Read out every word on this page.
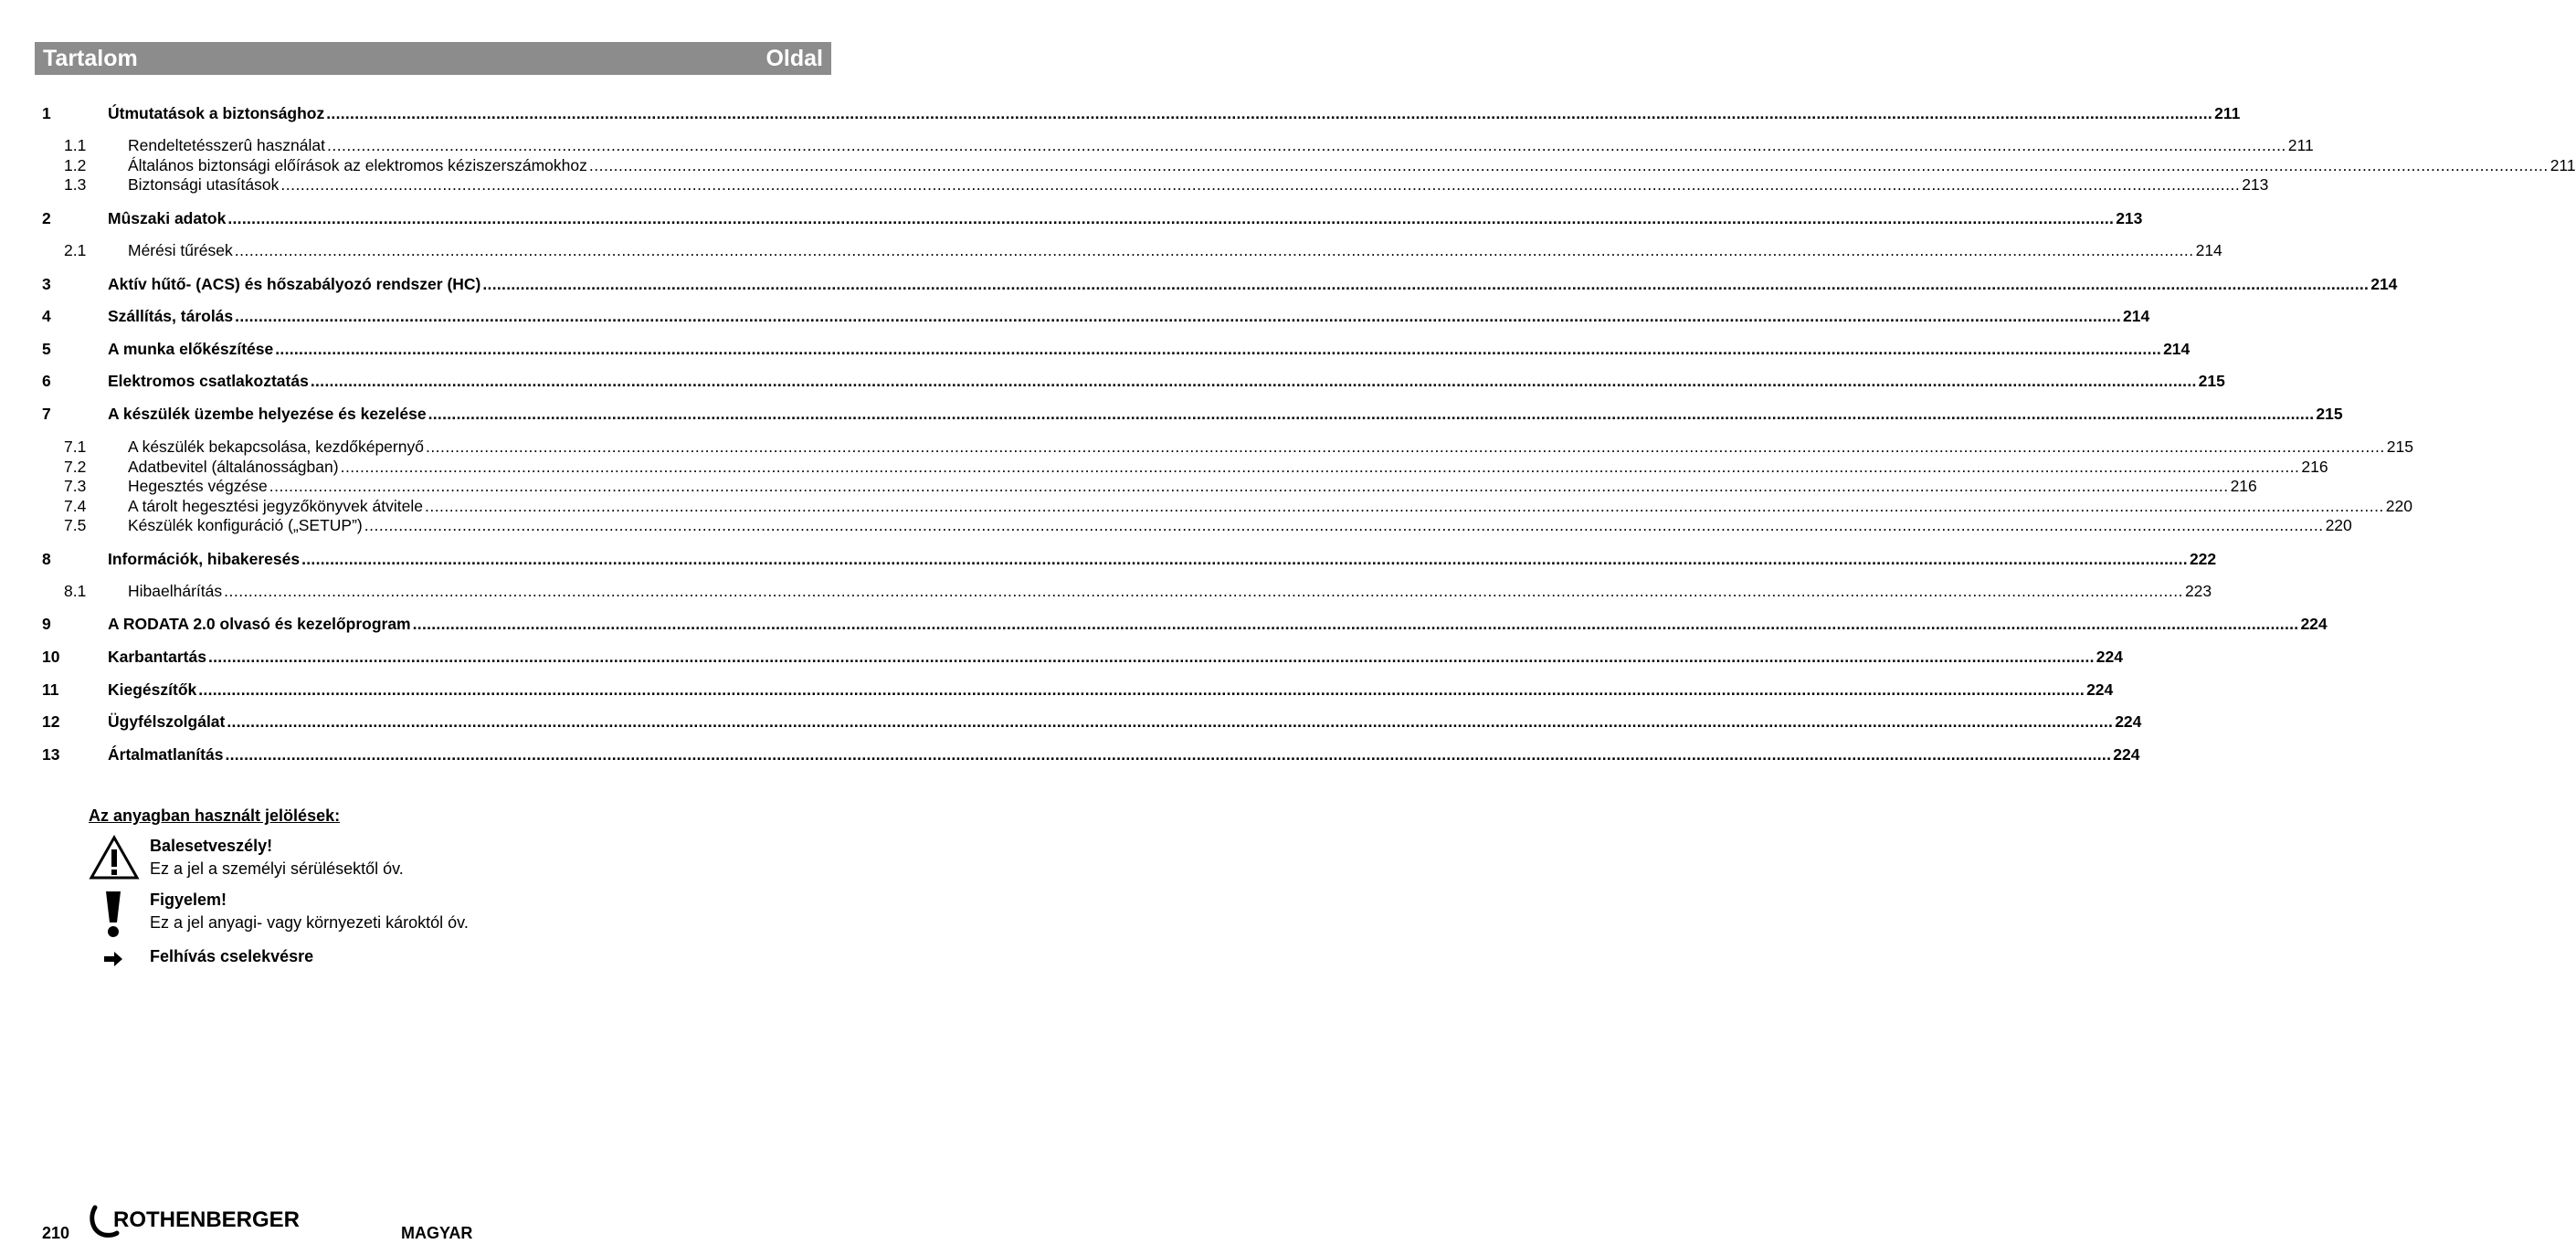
Tartalom	Oldal
1	Útmutatások a biztonsághoz ................................................................................................................................................................................................................................................................................................................................................................................................................ 211
1.1	Rendeltetésszerû használat ................................................................................................................................................................................................................................................................................................................................................................................................................ 211
1.2	Általános biztonsági előírások az elektromos kéziszerszámokhoz ................................................................................................................................................................................................................................................................................................................................................................................................................ 211
1.3	Biztonsági utasítások ................................................................................................................................................................................................................................................................................................................................................................................................................ 213
2	Mûszaki adatok ................................................................................................................................................................................................................................................................................................................................................................................................................ 213
2.1	Mérési tűrések ................................................................................................................................................................................................................................................................................................................................................................................................................ 214
3	Aktív hűtő- (ACS) és hőszabályozó rendszer (HC) ................................................................................................................................................................................................................................................................................................................................................................................................................ 214
4	Szállítás, tárolás ................................................................................................................................................................................................................................................................................................................................................................................................................ 214
5	A munka előkészítése ................................................................................................................................................................................................................................................................................................................................................................................................................ 214
6	Elektromos csatlakoztatás ................................................................................................................................................................................................................................................................................................................................................................................................................ 215
7	A készülék üzembe helyezése és kezelése ................................................................................................................................................................................................................................................................................................................................................................................................................ 215
7.1	A készülék bekapcsolása, kezdőképernyő ................................................................................................................................................................................................................................................................................................................................................................................................................ 215
7.2	Adatbevitel (általánosságban) ................................................................................................................................................................................................................................................................................................................................................................................................................ 216
7.3	Hegesztés végzése ................................................................................................................................................................................................................................................................................................................................................................................................................ 216
7.4	A tárolt hegesztési jegyzőkönyvek átvitele ................................................................................................................................................................................................................................................................................................................................................................................................................ 220
7.5	Készülék konfiguráció („SETUP”) ................................................................................................................................................................................................................................................................................................................................................................................................................ 220
8	Információk, hibakeresés ................................................................................................................................................................................................................................................................................................................................................................................................................ 222
8.1	Hibaelhárítás ................................................................................................................................................................................................................................................................................................................................................................................................................ 223
9	A RODATA 2.0 olvasó és kezelőprogram ................................................................................................................................................................................................................................................................................................................................................................................................................ 224
10	Karbantartás ................................................................................................................................................................................................................................................................................................................................................................................................................ 224
11	Kiegészítők ................................................................................................................................................................................................................................................................................................................................................................................................................ 224
12	Ügyfélszolgálat ................................................................................................................................................................................................................................................................................................................................................................................................................ 224
13	Ártalmatlanítás ................................................................................................................................................................................................................................................................................................................................................................................................................ 224
Az anyagban használt jelölések:
Balesetveszély!
Ez a jel a személyi sérülésektől óv.
Figyelem!
Ez a jel anyagi- vagy környezeti károktól óv.
Felhívás cselekvésre
210
ROTHENBERGER
MAGYAR
